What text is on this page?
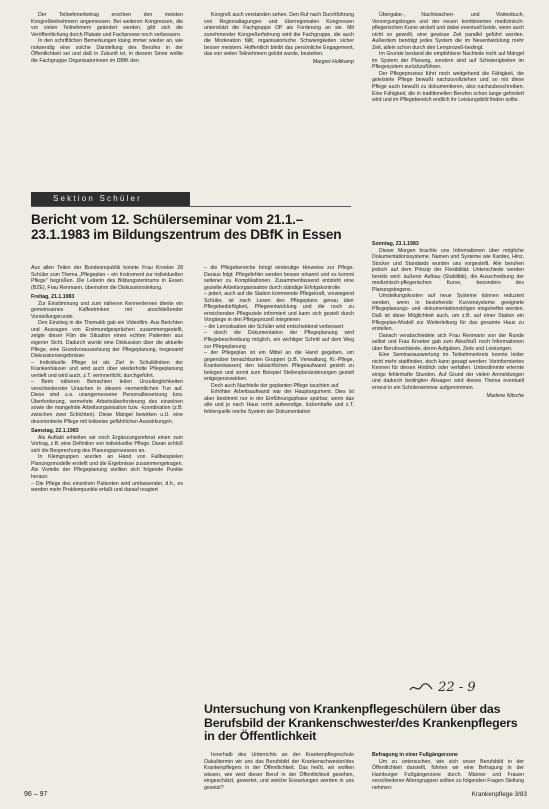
Der Teilnehmerbetrag erschien den meisten Kongreßteilnehmern angemessen. Bei weiteren Kongressen, die vor vielen Teilnehmern geändert werden, gibt sich die Veröffentlichung durch Plakate und Fachpresse noch verbessern.

In den schriftlichen Bemerkungen klang immer wieder an, wie notwendig eine solche Darstellung des Berufes in der Öffentlichkeit sei und daß in Zukunft ist, in diesem Sinne wollte die Fachgruppe Organisatorinnen im DBfK den

Kongreß auch verstanden sehen. Den Ruf nach Durchführung von Regionaltagungen und überregionalen Kongressen unterstützt die Fachgruppe OP als Forderung an sie. Mit zunehmender Kongreßerfahrung wird die Fachgruppe, die auch die Moderation fällt, organisatorische Schwierigkeiten sicher besser meistern. Hoffentlich bleibt das persönliche Engagement, das von vielen Teilnehmern gelobt wurde, bestehen.

Margret Holtkamp

Übergabe-, Nachtwachen- und Visitenbuch, Versorgungsbogen und der neuen kombinierten medizinisch-pflegerischen Kurve wickelt und dabei eventuell beide, wenn auch nicht so gewollt, eine gewisse Zeit parallel geführt werden. Außerdem benötigt jedes System die im Neuentwicklung mehr Zeit, allein schon durch den Lernprozeß-bedingt.

Im Grunde bestand die empfohlene Nachteile nicht auf Mängel im System der Planung, sondern sind auf Schwierigkeiten im Pflegesystem zurückzuführen.

Der Pflegeprozess führt noch weitgehend die Fähigkeit, die geleistete Pflege bewußt nachzuvollziehen und so mit diese Pflege auch bewußt zu dokumentieren, also nachzubeschreiben. Eine Fähigkeit, die in traditionellen Berufen schon lange gefordert wird und im Pflegebereich endlich ihr Leistungsbild finden sollte.

Sektion Schüler
Bericht vom 12. Schülerseminar vom 21.1.–23.1.1983 im Bildungszentrum des DBfK in Essen

Aus allen Teilen der Bundesrepublik konnte Frau Kroeker 28 Schüler zum Thema „Pflegeplan – ein Instrument zur individuellen Pflege" begrüßen. Die Leiterin des Bildungszentrums in Essen (BZE), Frau Renmann, übernahm die Diskussionsleitung.

Freitag, 21.1.1983

Zur Einstimmung und zum näheren Kennenlernen diente ein gemeinsames Kaffeetrinken mit anschließender Vorstellungsrunde.

Den Einstieg in die Thematik gab ein Videofilm. Aus Berichten und Aussagen von Erstmundgesprächen zusammengestellt, zeigte dieser Film die Situation eines echten Patienten aus eigener Sicht. Dadurch wurde eine Diskussion über die aktuelle Pflege, eine Grundvoraussetzung der Pflegeplanung, insgesamt Diskussionsergebnisse:

– Individuelle Pflege ist als Ziel in Schulkliniken der Krankenhäuser und wird auch über wiederholte Pflegeplanung vertieft und wird auch, z.T. verinnerlicht, durchgeführt.

– Beim näheren Betrachten teilen Unzulänglichkeiten verschiedenster Ursachen in diesem vermeintlichen Tun auf. Diese sind u.a. unangemessene Personalbesetzung bzw. Überforderung, vermehrte Arbeitsüberforderung des einzelnen sowie die mangelnde Arbeitsorganisation bzw. -koordination (z.B. zwischen zwei Schichten). Diese Mängel bewirken u.U. eine desorientierte Pflege mit teilweise gefährlichen Auswirkungen.

Samstag, 22.1.1983

Als Auftakt erhielten wir noch Ergänzungsreferat einen zum Vortrag, z.B. eine Definition von individueller Pflege. Daran schloß sich die Besprechung des Planungsprozesses an.

In Kleingruppen wurden an Hand von Fallbeispielen Planungsmodelle erstellt und die Ergebnisse zusammengetragen. Als Vorteile der Pflegeplanung stellten sich folgende Punkte heraus:

– Die Pflege des einzelnen Patienten wird umfassender, d.h., es werden mehr Problempunkte erfaßt und darauf reagiert

– die Pflegebereiche bringt eindeutige Hinweise zur Pflege. Daraus folgt: Pflegefehler werden besser erkannt und es kommt seltener zu Komplikationen. Zusammenfassend entsteht eine gezielte Arbeitsorganisation durch ständige Erfolgskontrolle

– jede/r, auch auf die Station kommende Pflegekraft, vorwiegend Schüler, ist nach Lesen des Pflegeplans genau über Pflegebedürftigkeit, Pflegeentwicklung und die noch zu erreichenden Pflegeziele informiert und kann sich gezielt durch Vorgänge in den Pflegeprozeß integrieren

– die Lernsituation der Schüler wird entscheidend verbessert

– durch die Dokumentation der Pflegeplanung wird Pflegebeschreibung möglich, ein wichtiger Schritt auf dem Weg zur Pflegeplanung

– der Pflegeplan ist ein Mittel an die Hand gegeben, um gegenüber benachbarten Gruppen (z.B. Verwaltung, Kr.-Pflege, Krankenkassen) den tatsächlichen Pflegeaufwand gezielt zu belegen und somit zum Beispiel Stellenplanänderungen gezielt entgegenzuwirken.

Doch auch Nachteile der geplanten Pflege tauchten auf.

Erhöhter Arbeitsaufwand war der Hauptargument. Dies ist aber bestimmt nur in der Einführungsphase spürbar, wenn das alte und je nach Haus recht aufwendige, lückenhafte und z.T. fehlerquelle reiche System der Dokumentation

Sonntag, 23.1.1983

Dieser Morgen brachte uns Informationen über mögliche Dokumentationssysteme. Namen und Systeme wie Kardex, Hinz, Stocker und Standards wurden uns vorgestellt. Alle beruhen jedoch auf dem Prinzip der Flexibilität: Unterschiede werden bereits wird: äußerer Aufbau (Stabilität), die Ausschreibung der medizinisch-pflegerischen Kurve, besonders des Planungsbogens.

Umstellungskosten auf neue Systeme können reduziert werden, wenn in bestehende Kurvensysteme geeignete Pflegeplanungs- und -dokumentationsbögen eingeheftet werden. Daß ist diese Möglichkeit auch, um z.B. auf einer Station ein Pflegeplan-Modell zur Weiterleitung für das gesamte Haus zu erstellen.

Danach verabschiedete sich Frau Renmann von der Runde selbst und Frau Kroeker gab zum Abschluß noch Informationen über Berufsverbände, deren Aufgaben, Ziele und Leistungen.

Eine Seminarauswertung im Teilnehmerkreis konnte leider nicht mehr stattfinden, doch kann gesagt werden: Vorinformiertes Kennen für diesen Hinblick oder verfallen. Unbestimmte erlernte einige fehlerhafte Stunden. Auf Grund der vielen Anmeldungen und dadurch bedingten Absagen wird dieses Thema eventuell erneut in ein Schülerseminar aufgenommen.

Marlene Nitsche

22 - 9
Untersuchung von Krankenpflegeschülern über das Berufsbild der Krankenschwester/des Krankenpflegers in der Öffentlichkeit

Innerhalb des Unterrichts an der Krankenpflegeschule Oakulitermin wir uns das Berufsbild der Krankenschwester/des Krankenpflegers in der Öffentlichkeit. Das heißt, wir wollten wissen, wie wird dieser Beruf in der Öffentlichkeit gesehen, eingeschätzt, gewertet, und welche Erwartungen werden in uns gesetzt?

Befragung in einer Fußgängerzone

Um zu untersuchen, wie sich unser Berufsbild in der Öffentlichkeit darstellt, führten wir eine Befragung in der Hamburger Fußgängerzone durch. Männer und Frauen verschiedener Altersgruppen sollten zu folgenden Fragen Stellung nehmen:

96 – 97	Krankenpflege 3/83
